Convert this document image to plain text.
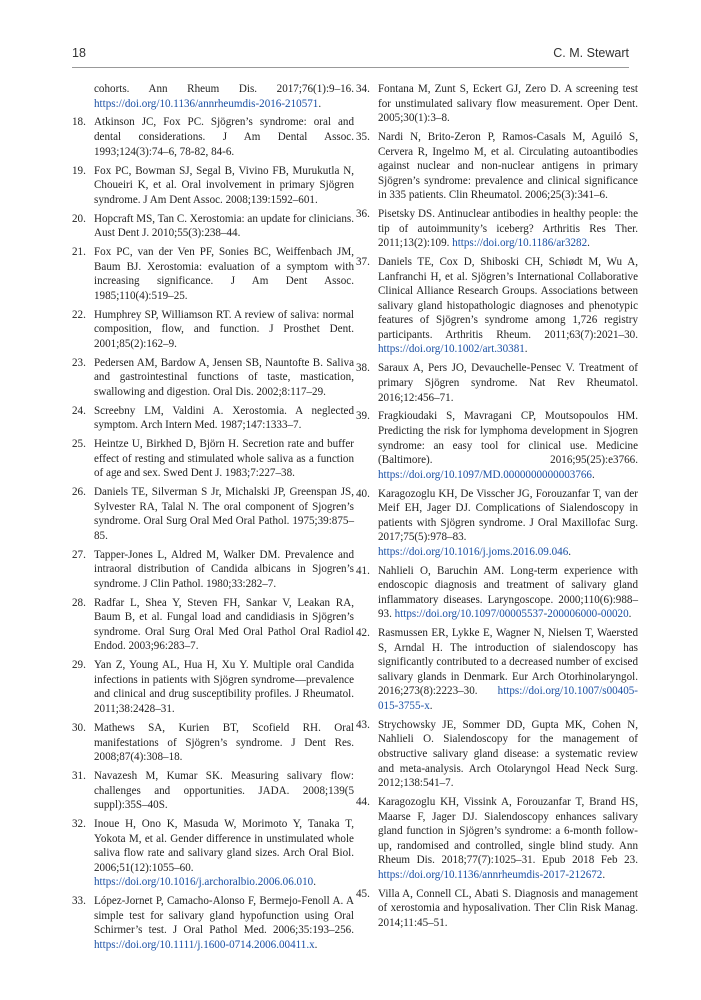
18	C. M. Stewart

cohorts. Ann Rheum Dis. 2017;76(1):9–16. https://doi.org/10.1136/annrheumdis-2016-210571.

18. Atkinson JC, Fox PC. Sjögren’s syndrome: oral and dental considerations. J Am Dental Assoc. 1993;124(3):74–6, 78-82, 84-6.
19. Fox PC, Bowman SJ, Segal B, Vivino FB, Murukutla N, Choueiri K, et al. Oral involvement in primary Sjögren syndrome. J Am Dent Assoc. 2008;139:1592–601.
20. Hopcraft MS, Tan C. Xerostomia: an update for clinicians. Aust Dent J. 2010;55(3):238–44.
21. Fox PC, van der Ven PF, Sonies BC, Weiffenbach JM, Baum BJ. Xerostomia: evaluation of a symptom with increasing significance. J Am Dent Assoc. 1985;110(4):519–25.
22. Humphrey SP, Williamson RT. A review of saliva: normal composition, flow, and function. J Prosthet Dent. 2001;85(2):162–9.
23. Pedersen AM, Bardow A, Jensen SB, Nauntofte B. Saliva and gastrointestinal functions of taste, mastication, swallowing and digestion. Oral Dis. 2002;8:117–29.
24. Screebny LM, Valdini A. Xerostomia. A neglected symptom. Arch Intern Med. 1987;147:1333–7.
25. Heintze U, Birkhed D, Björn H. Secretion rate and buffer effect of resting and stimulated whole saliva as a function of age and sex. Swed Dent J. 1983;7:227–38.
26. Daniels TE, Silverman S Jr, Michalski JP, Greenspan JS, Sylvester RA, Talal N. The oral component of Sjogren’s syndrome. Oral Surg Oral Med Oral Pathol. 1975;39:875–85.
27. Tapper-Jones L, Aldred M, Walker DM. Prevalence and intraoral distribution of Candida albicans in Sjogren’s syndrome. J Clin Pathol. 1980;33:282–7.
28. Radfar L, Shea Y, Steven FH, Sankar V, Leakan RA, Baum B, et al. Fungal load and candidiasis in Sjögren’s syndrome. Oral Surg Oral Med Oral Pathol Oral Radiol Endod. 2003;96:283–7.
29. Yan Z, Young AL, Hua H, Xu Y. Multiple oral Candida infections in patients with Sjögren syndrome—prevalence and clinical and drug susceptibility profiles. J Rheumatol. 2011;38:2428–31.
30. Mathews SA, Kurien BT, Scofield RH. Oral manifestations of Sjögren’s syndrome. J Dent Res. 2008;87(4):308–18.
31. Navazesh M, Kumar SK. Measuring salivary flow: challenges and opportunities. JADA. 2008;139(5 suppl):35S–40S.
32. Inoue H, Ono K, Masuda W, Morimoto Y, Tanaka T, Yokota M, et al. Gender difference in unstimulated whole saliva flow rate and salivary gland sizes. Arch Oral Biol. 2006;51(12):1055–60. https://doi.org/10.1016/j.archoralbio.2006.06.010.
33. López-Jornet P, Camacho-Alonso F, Bermejo-Fenoll A. A simple test for salivary gland hypofunction using Oral Schirmer’s test. J Oral Pathol Med. 2006;35:193–256. https://doi.org/10.1111/j.1600-0714.2006.00411.x.
34. Fontana M, Zunt S, Eckert GJ, Zero D. A screening test for unstimulated salivary flow measurement. Oper Dent. 2005;30(1):3–8.
35. Nardi N, Brito-Zeron P, Ramos-Casals M, Aguiló S, Cervera R, Ingelmo M, et al. Circulating autoantibodies against nuclear and non-nuclear antigens in primary Sjögren’s syndrome: prevalence and clinical significance in 335 patients. Clin Rheumatol. 2006;25(3):341–6.
36. Pisetsky DS. Antinuclear antibodies in healthy people: the tip of autoimmunity’s iceberg? Arthritis Res Ther. 2011;13(2):109. https://doi.org/10.1186/ar3282.
37. Daniels TE, Cox D, Shiboski CH, Schiødt M, Wu A, Lanfranchi H, et al. Sjögren’s International Collaborative Clinical Alliance Research Groups. Associations between salivary gland histopathologic diagnoses and phenotypic features of Sjögren’s syndrome among 1,726 registry participants. Arthritis Rheum. 2011;63(7):2021–30. https://doi.org/10.1002/art.30381.
38. Saraux A, Pers JO, Devauchelle-Pensec V. Treatment of primary Sjögren syndrome. Nat Rev Rheumatol. 2016;12:456–71.
39. Fragkioudaki S, Mavragani CP, Moutsopoulos HM. Predicting the risk for lymphoma development in Sjogren syndrome: an easy tool for clinical use. Medicine (Baltimore). 2016;95(25):e3766. https://doi.org/10.1097/MD.0000000000003766.
40. Karagozoglu KH, De Visscher JG, Forouzanfar T, van der Meif EH, Jager DJ. Complications of Sialendoscopy in patients with Sjögren syndrome. J Oral Maxillofac Surg. 2017;75(5):978–83. https://doi.org/10.1016/j.joms.2016.09.046.
41. Nahlieli O, Baruchin AM. Long-term experience with endoscopic diagnosis and treatment of salivary gland inflammatory diseases. Laryngoscope. 2000;110(6):988–93. https://doi.org/10.1097/00005537-200006000-00020.
42. Rasmussen ER, Lykke E, Wagner N, Nielsen T, Waersted S, Arndal H. The introduction of sialendoscopy has significantly contributed to a decreased number of excised salivary glands in Denmark. Eur Arch Otorhinolaryngol. 2016;273(8):2223–30. https://doi.org/10.1007/s00405-015-3755-x.
43. Strychowsky JE, Sommer DD, Gupta MK, Cohen N, Nahlieli O. Sialendoscopy for the management of obstructive salivary gland disease: a systematic review and meta-analysis. Arch Otolaryngol Head Neck Surg. 2012;138:541–7.
44. Karagozoglu KH, Vissink A, Forouzanfar T, Brand HS, Maarse F, Jager DJ. Sialendoscopy enhances salivary gland function in Sjögren’s syndrome: a 6-month follow-up, randomised and controlled, single blind study. Ann Rheum Dis. 2018;77(7):1025–31. Epub 2018 Feb 23. https://doi.org/10.1136/annrheumdis-2017-212672.
45. Villa A, Connell CL, Abati S. Diagnosis and management of xerostomia and hyposalivation. Ther Clin Risk Manag. 2014;11:45–51.
